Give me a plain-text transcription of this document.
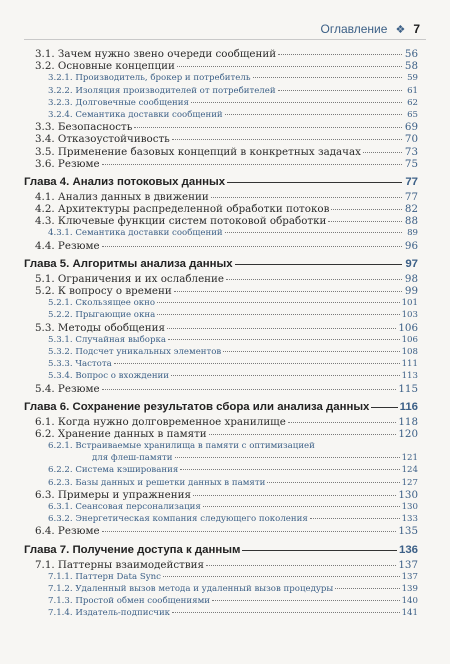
Оглавление ❖ 7
3.1. Зачем нужно звено очереди сообщений	56
3.2. Основные концепции	58
3.2.1. Производитель, брокер и потребитель	59
3.2.2. Изоляция производителей от потребителей	61
3.2.3. Долговечные сообщения	62
3.2.4. Семантика доставки сообщений	65
3.3. Безопасность	69
3.4. Отказоустойчивость	70
3.5. Применение базовых концепций в конкретных задачах	73
3.6. Резюме	75
Глава 4. Анализ потоковых данных	77
4.1. Анализ данных в движении	77
4.2. Архитектуры распределенной обработки потоков	82
4.3. Ключевые функции систем потоковой обработки	88
4.3.1. Семантика доставки сообщений	89
4.4. Резюме	96
Глава 5. Алгоритмы анализа данных	97
5.1. Ограничения и их ослабление	98
5.2. К вопросу о времени	99
5.2.1. Скользящее окно	101
5.2.2. Прыгающие окна	103
5.3. Методы обобщения	106
5.3.1. Случайная выборка	106
5.3.2. Подсчет уникальных элементов	108
5.3.3. Частота	111
5.3.4. Вопрос о вхождении	113
5.4. Резюме	115
Глава 6. Сохранение результатов сбора или анализа данных	116
6.1. Когда нужно долговременное хранилище	118
6.2. Хранение данных в памяти	120
6.2.1. Встраиваемые хранилища в памяти с оптимизацией
для флеш-памяти	121
6.2.2. Система кэширования	124
6.2.3. Базы данных и решетки данных в памяти	127
6.3. Примеры и упражнения	130
6.3.1. Сеансовая персонализация	130
6.3.2. Энергетическая компания следующего поколения	133
6.4. Резюме	135
Глава 7. Получение доступа к данным	136
7.1. Паттерны взаимодействия	137
7.1.1. Паттерн Data Sync	137
7.1.2. Удаленный вызов метода и удаленный вызов процедуры	139
7.1.3. Простой обмен сообщениями	140
7.1.4. Издатель-подписчик	141
